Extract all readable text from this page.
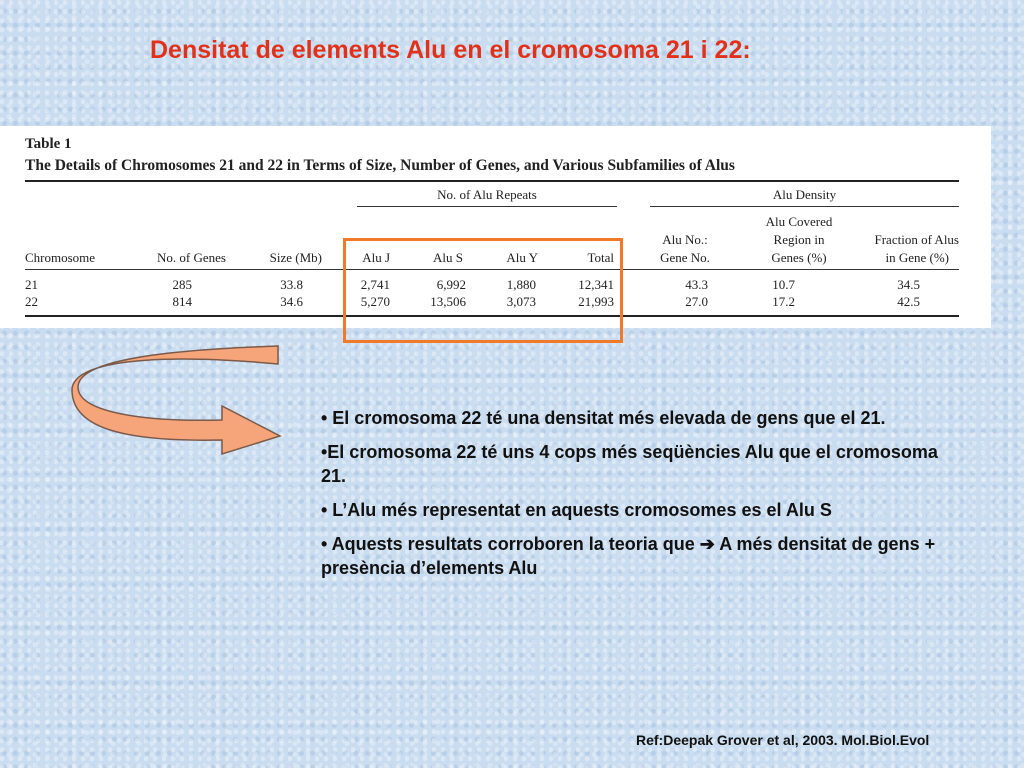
Densitat de elements Alu en el cromosoma 21 i 22:
Table 1
The Details of Chromosomes 21 and 22 in Terms of Size, Number of Genes, and Various Subfamilies of Alus
No. of Alu Repeats	Alu Density
Alu Covered
Alu No.:	Region in	Fraction of Alus
Chromosome	No. of Genes	Size (Mb)	Alu J	Alu S	Alu Y	Total	Gene No.	Genes (%)	in Gene (%)
21	285	33.8	2,741	6,992	1,880	12,341	43.3	10.7	34.5
22	814	34.6	5,270	13,506	3,073	21,993	27.0	17.2	42.5

• El cromosoma 22 té una densitat més elevada de gens que el 21.

•El cromosoma 22 té uns 4 cops més seqüències Alu que el cromosoma 21.

• L’Alu més representat en aquests cromosomes es el Alu S

• Aquests resultats corroboren la teoria que ➔ A més densitat de gens + presència d’elements Alu

Ref:Deepak Grover et al, 2003. Mol.Biol.Evol
